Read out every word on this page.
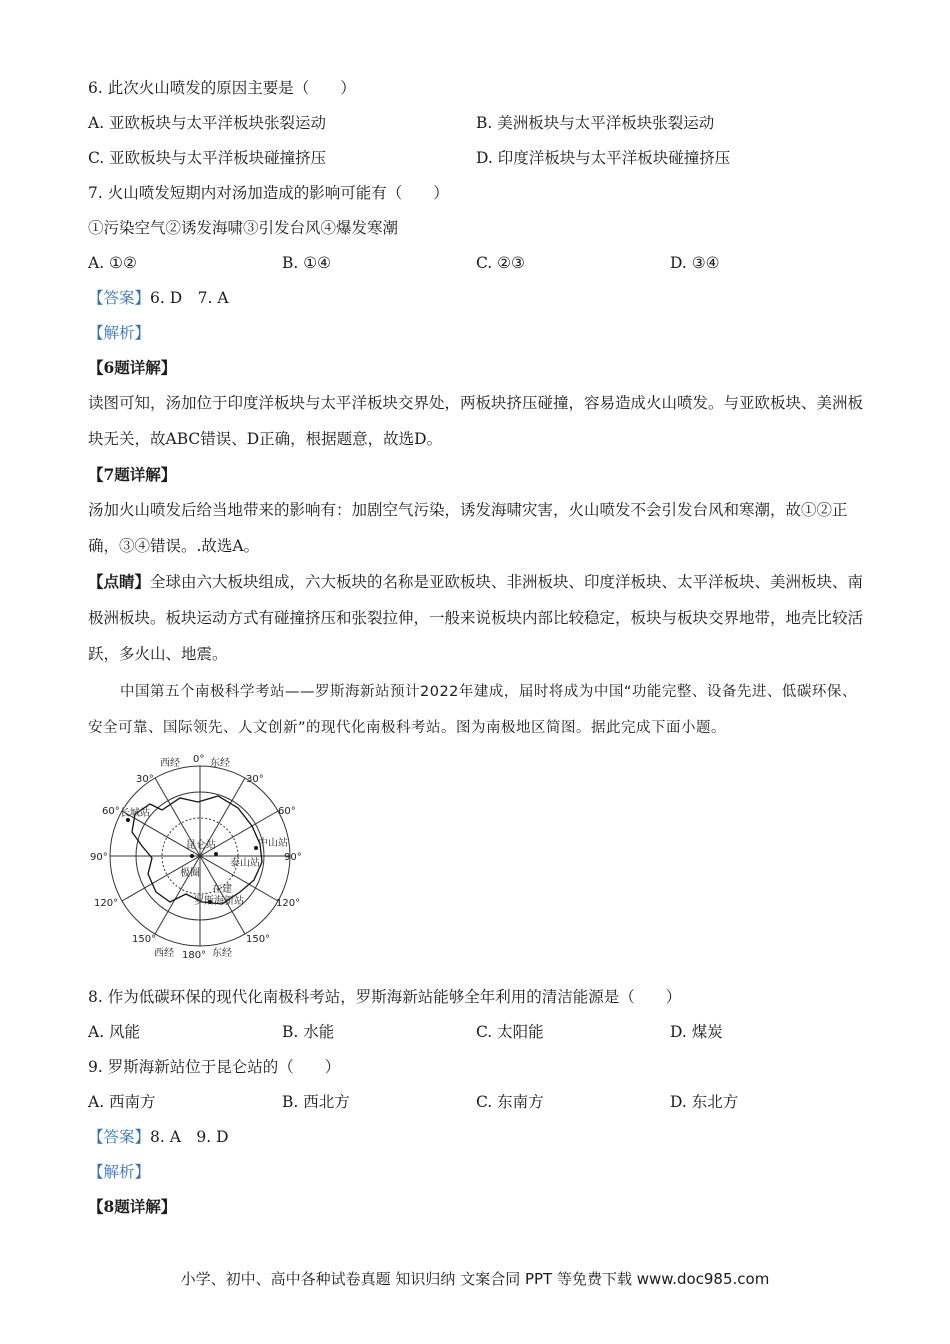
6. 此次火山喷发的原因主要是（　　）
A. 亚欧板块与太平洋板块张裂运动	B. 美洲板块与太平洋板块张裂运动
C. 亚欧板块与太平洋板块碰撞挤压	D. 印度洋板块与太平洋板块碰撞挤压
7. 火山喷发短期内对汤加造成的影响可能有（　　）
①污染空气②诱发海啸③引发台风④爆发寒潮
A. ①②	B. ①④	C. ②③	D. ③④
【答案】6. D　7. A
【解析】
【6题详解】
读图可知，汤加位于印度洋板块与太平洋板块交界处，两板块挤压碰撞，容易造成火山喷发。与亚欧板块、美洲板块无关，故ABC错误、D正确，根据题意，故选D。
【7题详解】
汤加火山喷发后给当地带来的影响有：加剧空气污染，诱发海啸灾害，火山喷发不会引发台风和寒潮，故①②正确，③④错误。.故选A。
【点睛】全球由六大板块组成，六大板块的名称是亚欧板块、非洲板块、印度洋板块、太平洋板块、美洲板块、南极洲板块。板块运动方式有碰撞挤压和张裂拉伸，一般来说板块内部比较稳定，板块与板块交界地带，地壳比较活跃，多火山、地震。
中国第五个南极科学考站——罗斯海新站预计2022年建成，届时将成为中国“功能完整、设备先进、低碳环保、安全可靠、国际领先、人文创新”的现代化南极科考站。图为南极地区简图。据此完成下面小题。
西经 0° 东经
30°	30°
60°	60°
90°	90°
120°	120°
150°	150°
西经 180° 东经
长城站
昆仑站	中山站
泰山站
极圈
在建
罗斯海新站
8. 作为低碳环保的现代化南极科考站，罗斯海新站能够全年利用的清洁能源是（　　）
A. 风能	B. 水能	C. 太阳能	D. 煤炭
9. 罗斯海新站位于昆仑站的（　　）
A. 西南方	B. 西北方	C. 东南方	D. 东北方
【答案】8. A　9. D
【解析】
【8题详解】
小学、初中、高中各种试卷真题 知识归纳 文案合同 PPT 等免费下载 www.doc985.com
